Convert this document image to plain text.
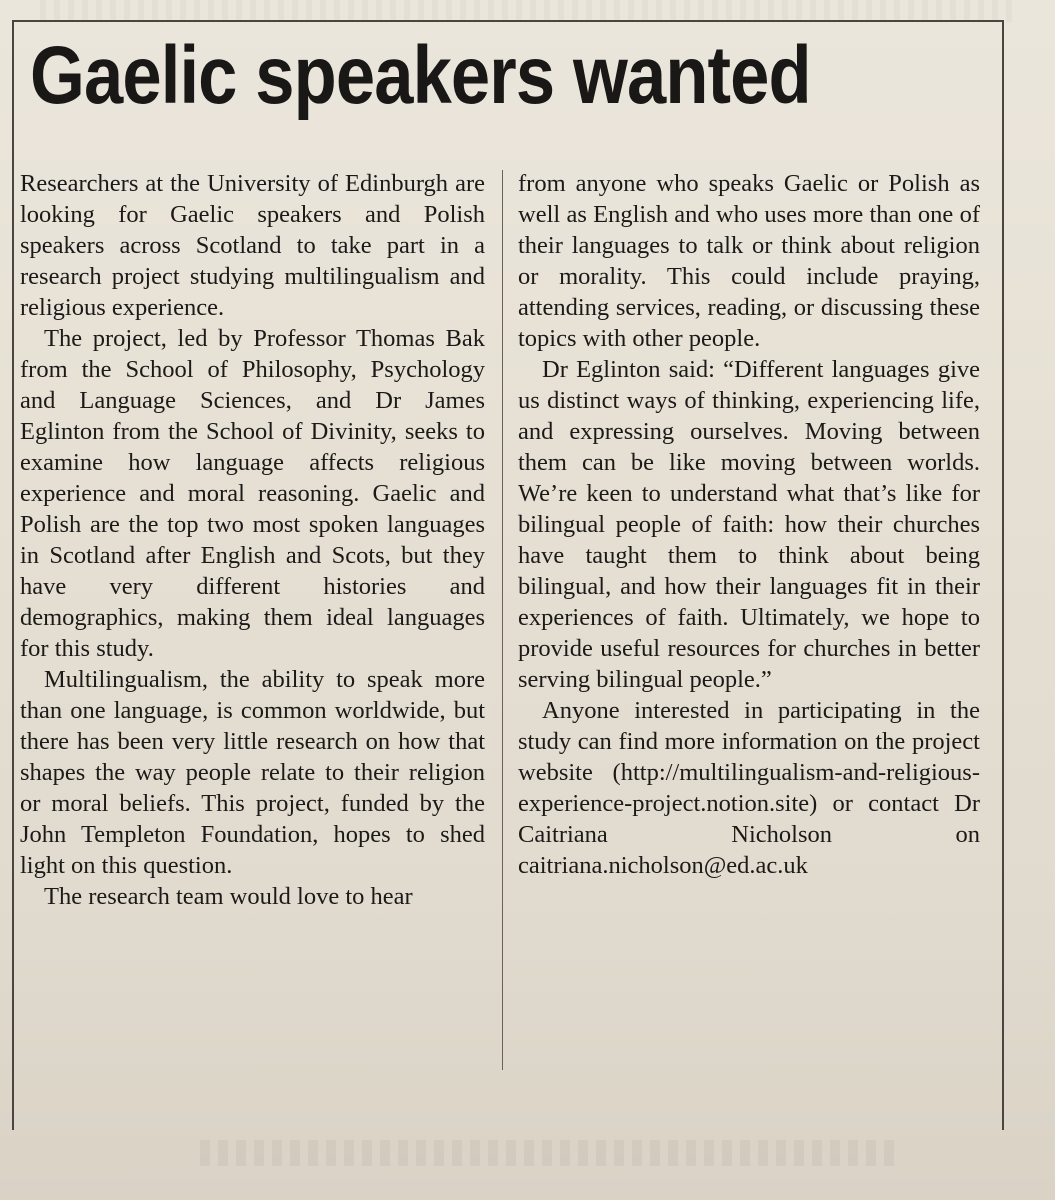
Gaelic speakers wanted

Researchers at the University of Edinburgh are looking for Gaelic speakers and Polish speakers across Scotland to take part in a research project studying multilingualism and religious experience.

The project, led by Professor Thomas Bak from the School of Philosophy, Psychology and Language Sciences, and Dr James Eglinton from the School of Divinity, seeks to examine how language affects religious experience and moral reasoning. Gaelic and Polish are the top two most spoken languages in Scotland after English and Scots, but they have very different histories and demographics, making them ideal languages for this study.

Multilingualism, the ability to speak more than one language, is common worldwide, but there has been very little research on how that shapes the way people relate to their religion or moral beliefs. This project, funded by the John Templeton Foundation, hopes to shed light on this question.

The research team would love to hear

from anyone who speaks Gaelic or Polish as well as English and who uses more than one of their languages to talk or think about religion or morality. This could include praying, attending services, reading, or discussing these topics with other people.

Dr Eglinton said: “Different languages give us distinct ways of thinking, experiencing life, and expressing ourselves. Moving between them can be like moving between worlds. We’re keen to understand what that’s like for bilingual people of faith: how their churches have taught them to think about being bilingual, and how their languages fit in their experiences of faith. Ultimately, we hope to provide useful resources for churches in better serving bilingual people.”

Anyone interested in participating in the study can find more information on the project website (http://multilingualism-and-religious-experience-project.notion.site) or contact Dr Caitriana Nicholson on caitriana.nicholson@ed.ac.uk
